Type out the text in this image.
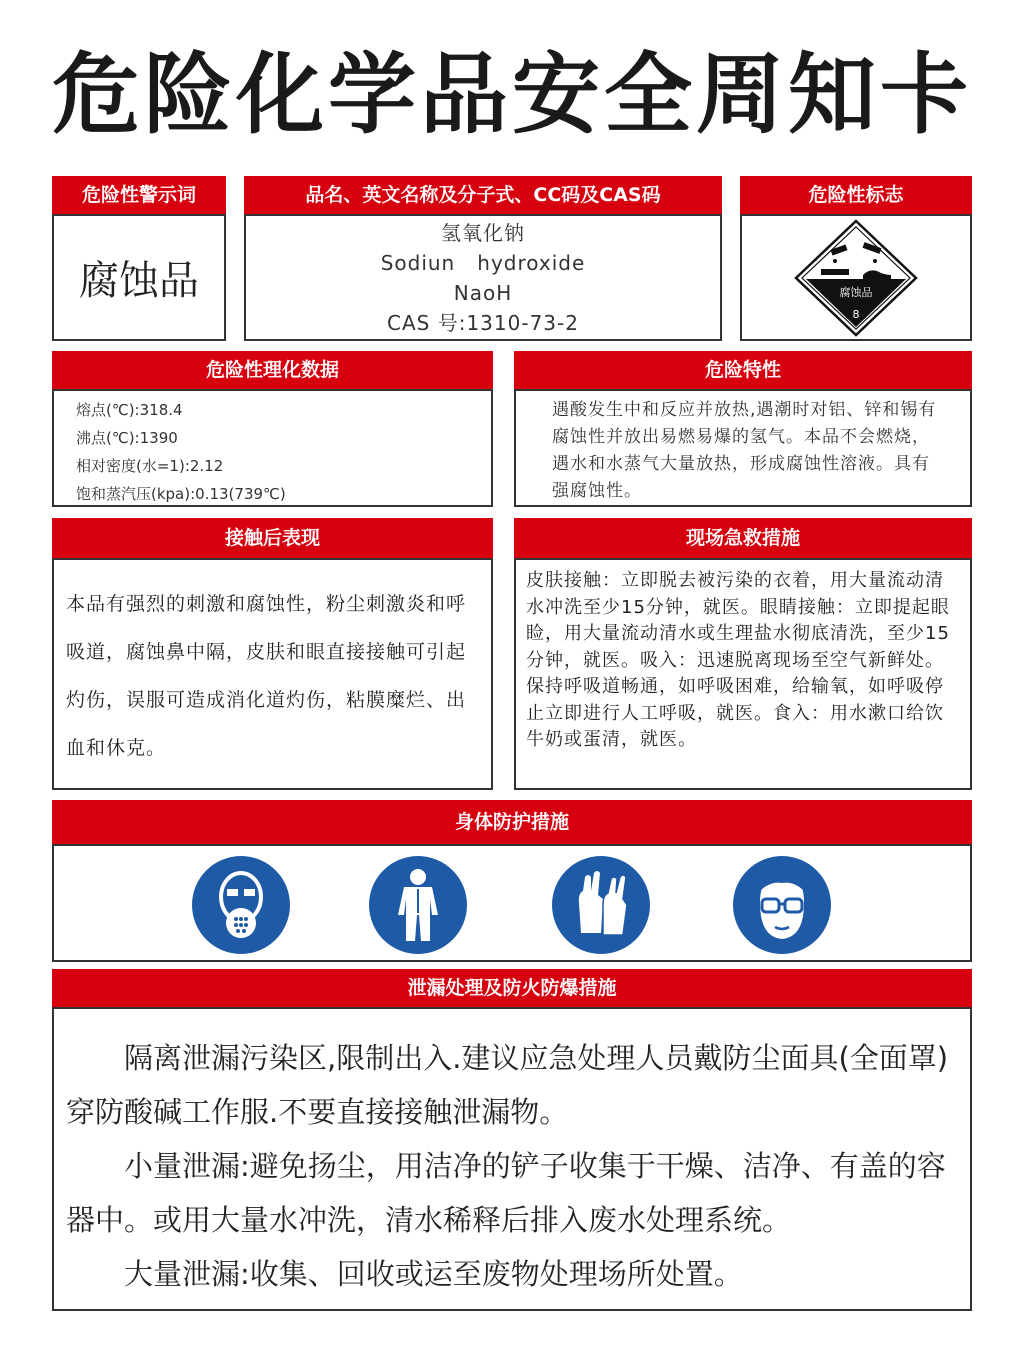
危险化学品安全周知卡
危险性警示词
腐蚀品
品名、英文名称及分子式、CC码及CAS码
氢氧化钠
Sodiun   hydroxide
NaoH
CAS 号:1310-73-2
危险性标志
腐蚀品
8
危险性理化数据
熔点(℃):318.4
沸点(℃):1390
相对密度(水=1):2.12
饱和蒸汽压(kpa):0.13(739℃)
危险特性
遇酸发生中和反应并放热,遇潮时对铝、锌和锡有腐蚀性并放出易燃易爆的氢气。本品不会燃烧，遇水和水蒸气大量放热，形成腐蚀性溶液。具有强腐蚀性。
接触后表现
本品有强烈的刺激和腐蚀性，粉尘刺激炎和呼吸道，腐蚀鼻中隔，皮肤和眼直接接触可引起灼伤，误服可造成消化道灼伤，粘膜糜烂、出血和休克。
现场急救措施
皮肤接触：立即脱去被污染的衣着，用大量流动清水冲洗至少15分钟，就医。眼睛接触：立即提起眼睑，用大量流动清水或生理盐水彻底清洗，至少15分钟，就医。吸入：迅速脱离现场至空气新鲜处。保持呼吸道畅通，如呼吸困难，给输氧，如呼吸停止立即进行人工呼吸，就医。食入：用水漱口给饮牛奶或蛋清，就医。
身体防护措施
泄漏处理及防火防爆措施

隔离泄漏污染区,限制出入.建议应急处理人员戴防尘面具(全面罩)穿防酸碱工作服.不要直接接触泄漏物。

小量泄漏:避免扬尘，用洁净的铲子收集于干燥、洁净、有盖的容器中。或用大量水冲洗，清水稀释后排入废水处理系统。

大量泄漏:收集、回收或运至废物处理场所处置。
